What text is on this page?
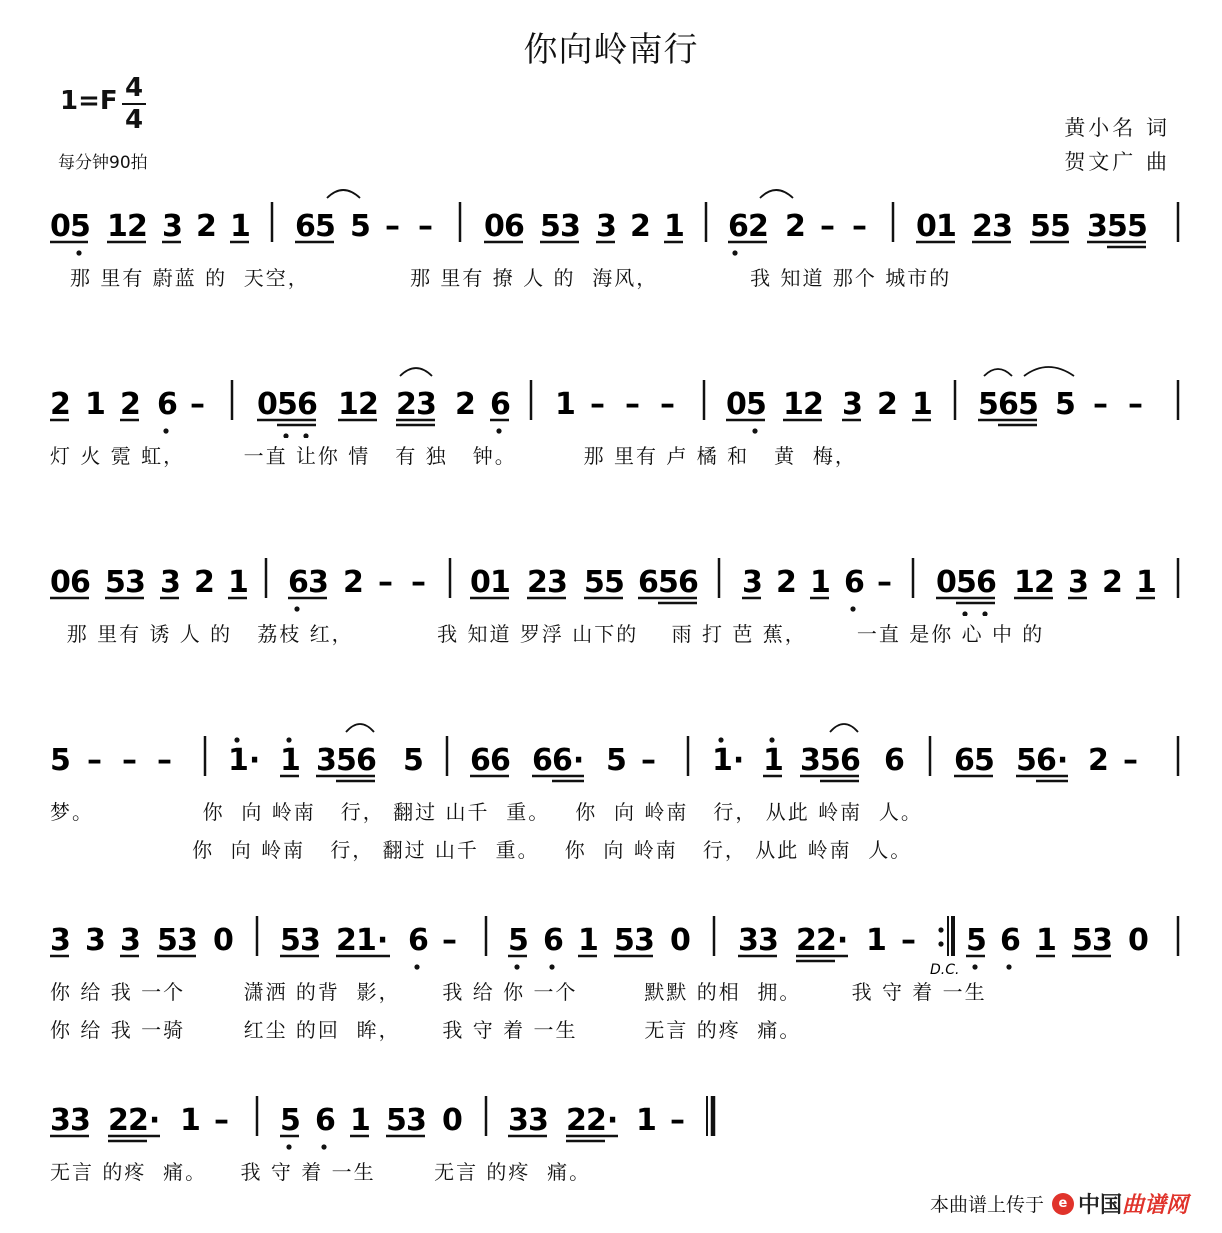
你向岭南行
1=F 4
4
每分钟90拍
黄小名 词
贺文广 曲
0 5 1 2 3 2 1 6 5 5 – – 0 6 5 3 3 2 1 6 2 2 – – 0 1 2 3 5 5 3 5 5
那 里有 蔚蓝 的  天空，            那 里有 撩 人 的  海风，           我 知道 那个 城市的
2 1 2 6 – 0 5 6 1 2 2 3 2 6 1 – – – 0 5 1 2 3 2 1 5 6 5 5 – –
灯 火 霓 虹，       一直 让你 情   有 独   钟。        那 里有 卢 橘 和   黄  梅，
0 6 5 3 3 2 1 6 3 2 – – 0 1 2 3 5 5 6 5 6 3 2 1 6 – 0 5 6 1 2 3 2 1
那 里有 诱 人 的   荔枝 红，          我 知道 罗浮 山下的    雨 打 芭 蕉，      一直 是你 心 中 的
5 – – – 1· 1 3 5 6 5 6 6 6 6· 5 – 1· 1 3 5 6 6 6 5 5 6· 2 –
梦。             你  向 岭南   行， 翻过 山千  重。   你  向 岭南   行， 从此 岭南  人。
你  向 岭南   行， 翻过 山千  重。   你  向 岭南   行， 从此 岭南  人。
3 3 3 5 3 0 5 3 2 1· 6 – 5 6 1 5 3 0 3 3 2 2· 1 – 5 6 1 5 3 0
D.C.
你 给 我 一个       潇洒 的背  影，     我 给 你 一个        默默 的相  拥。      我 守 着 一生
你 给 我 一骑       红尘 的回  眸，     我 守 着 一生        无言 的疼  痛。
3 3 2 2· 1 – 5 6 1 5 3 0 3 3 2 2· 1 –
无言 的疼  痛。    我 守 着 一生       无言 的疼  痛。
本曲谱上传于	e 中国 曲谱网
